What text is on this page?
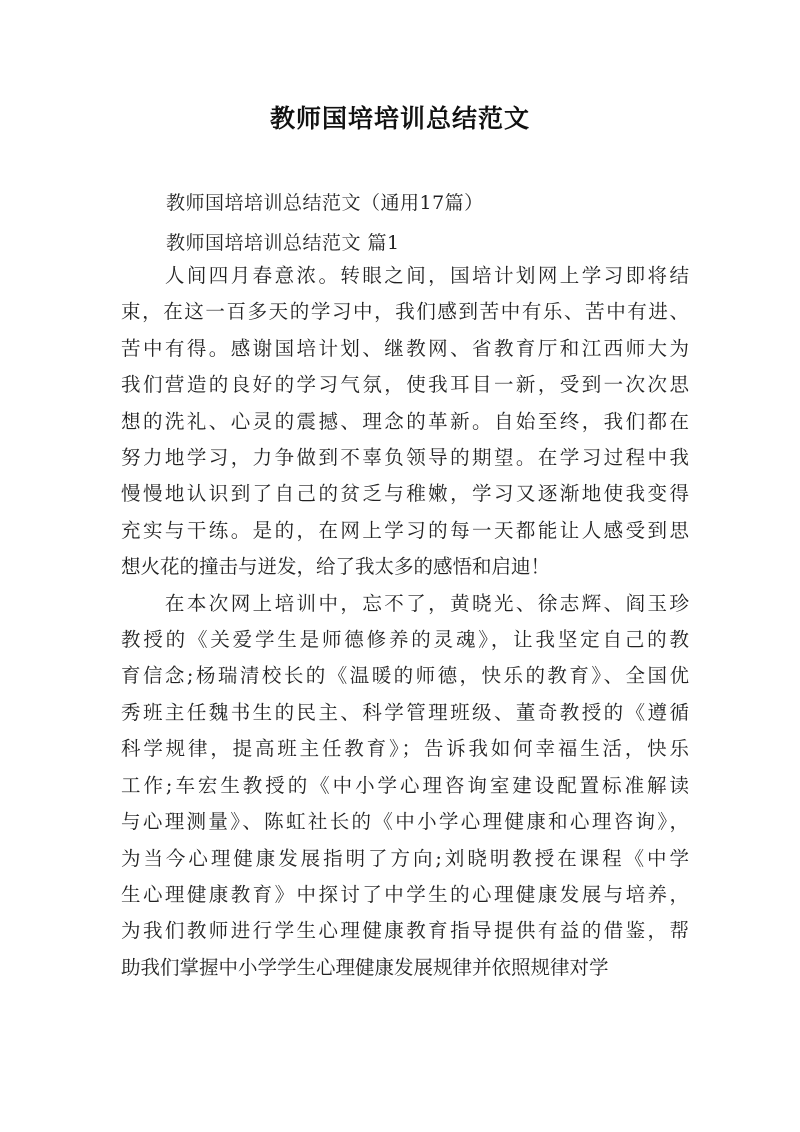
教师国培培训总结范文
教师国培培训总结范文（通用17篇）
教师国培培训总结范文 篇1
　　人间四月春意浓。转眼之间，国培计划网上学习即将结
束，在这一百多天的学习中，我们感到苦中有乐、苦中有进、
苦中有得。感谢国培计划、继教网、省教育厅和江西师大为
我们营造的良好的学习气氛，使我耳目一新，受到一次次思
想的洗礼、心灵的震撼、理念的革新。自始至终，我们都在
努力地学习，力争做到不辜负领导的期望。在学习过程中我
慢慢地认识到了自己的贫乏与稚嫩，学习又逐渐地使我变得
充实与干练。是的，在网上学习的每一天都能让人感受到思
想火花的撞击与迸发，给了我太多的感悟和启迪！
　　在本次网上培训中，忘不了，黄晓光、徐志辉、阎玉珍
教授的《关爱学生是师德修养的灵魂》，让我坚定自己的教
育信念;杨瑞清校长的《温暖的师德，快乐的教育》、全国优
秀班主任魏书生的民主、科学管理班级、董奇教授的《遵循
科学规律，提高班主任教育》；告诉我如何幸福生活，快乐
工作;车宏生教授的《中小学心理咨询室建设配置标准解读
与心理测量》、陈虹社长的《中小学心理健康和心理咨询》，
为当今心理健康发展指明了方向;刘晓明教授在课程《中学
生心理健康教育》中探讨了中学生的心理健康发展与培养，
为我们教师进行学生心理健康教育指导提供有益的借鉴，帮
助我们掌握中小学学生心理健康发展规律并依照规律对学
